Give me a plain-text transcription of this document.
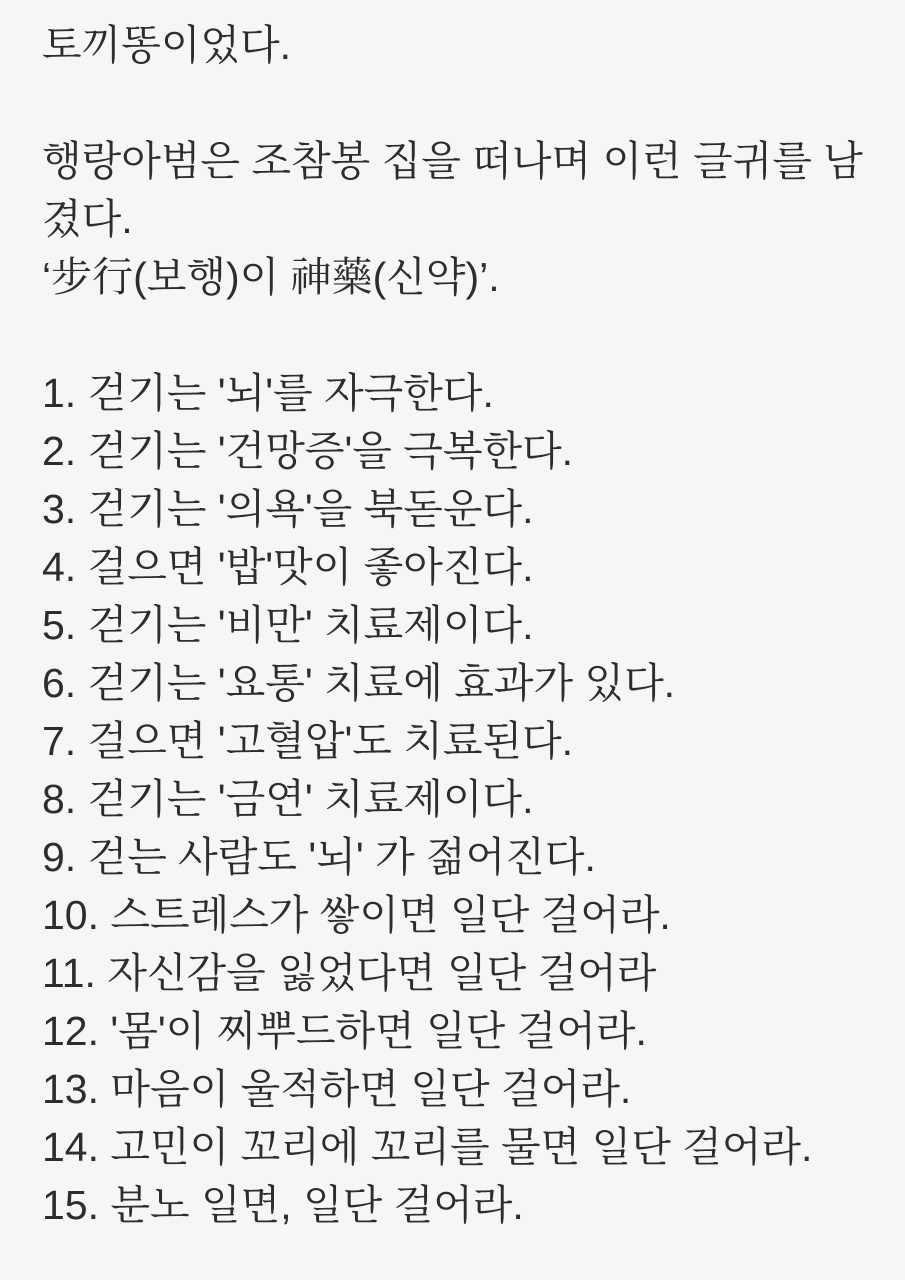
토끼똥이었다.

행랑아범은 조참봉 집을 떠나며 이런 글귀를 남겼다.

‘步行(보행)이 神藥(신약)’.

1. 걷기는 '뇌'를 자극한다.

2. 걷기는 '건망증'을 극복한다.

3. 걷기는 '의욕'을 북돋운다.

4. 걸으면 '밥'맛이 좋아진다.

5. 걷기는 '비만' 치료제이다.

6. 걷기는 '요통' 치료에 효과가 있다.

7. 걸으면 '고혈압'도 치료된다.

8. 걷기는 '금연' 치료제이다.

9. 걷는 사람도 '뇌' 가 젊어진다.

10. 스트레스가 쌓이면 일단 걸어라.

11. 자신감을 잃었다면 일단 걸어라

12. '몸'이 찌뿌드하면 일단 걸어라.

13. 마음이 울적하면 일단 걸어라.

14. 고민이 꼬리에 꼬리를 물면 일단 걸어라.

15. 분노 일면, 일단 걸어라.
